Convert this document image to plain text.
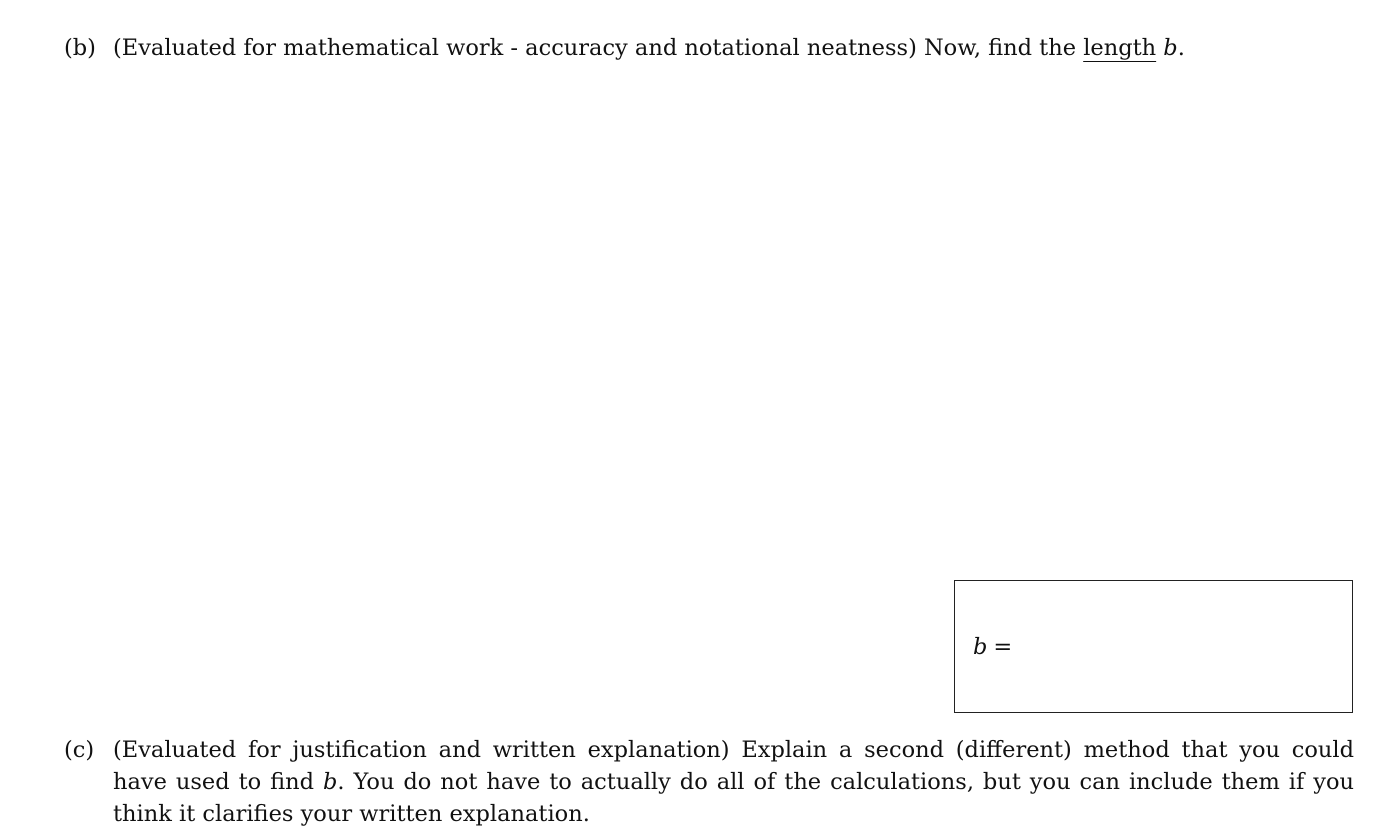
(b) (Evaluated for mathematical work - accuracy and notational neatness) Now, find the length b.
b =
(c) (Evaluated for justification and written explanation) Explain a second (different) method that you could have used to find b. You do not have to actually do all of the calculations, but you can include them if you think it clarifies your written explanation.
